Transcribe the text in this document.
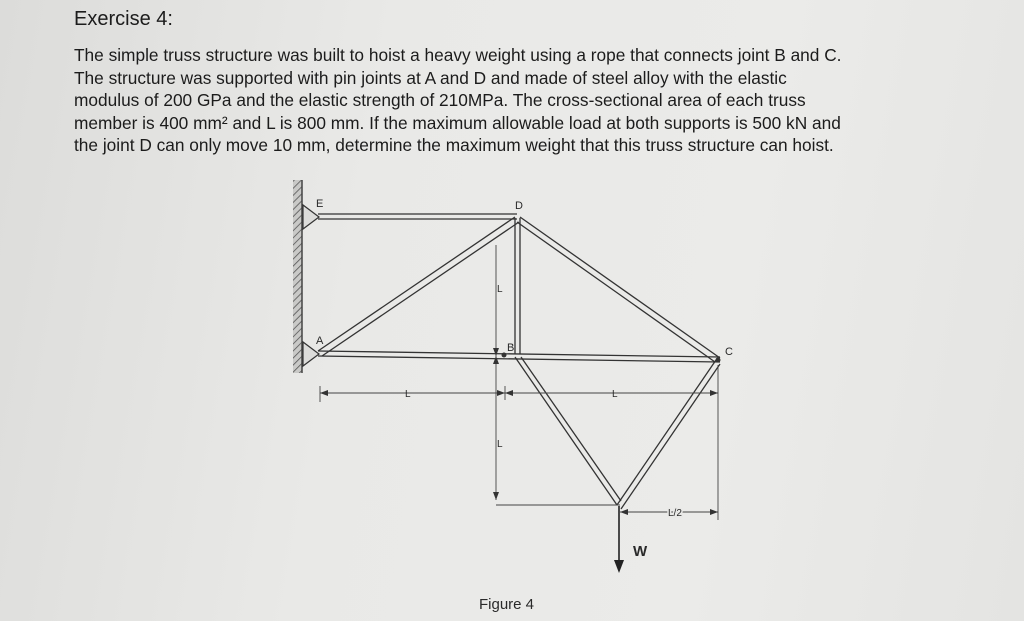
Exercise 4:

The simple truss structure was built to hoist a heavy weight using a rope that connects joint B and C.
The structure was supported with pin joints at A and D and made of steel alloy with the elastic
modulus of 200 GPa and the elastic strength of 210MPa. The cross-sectional area of each truss
member is 400 mm² and L is 800 mm. If the maximum allowable load at both supports is 500 kN and
the joint D can only move 10 mm, determine the maximum weight that this truss structure can hoist.

E	D
A
B	C
L
L
L	L
L/2
W
Figure 4
